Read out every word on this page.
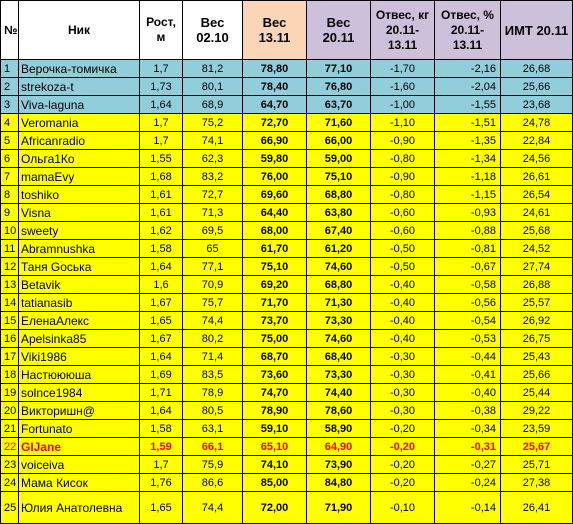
№	Ник	Рост, м	Вес 02.10	Вес 13.11	Вес 20.11	Отвес, кг 20.11-13.11	Отвес, % 20.11-13.11	ИМТ 20.11
1	Верочка-томичка	1,7	81,2	78,80	77,10	-1,70	-2,16	26,68
2	strekoza-t	1,73	80,1	78,40	76,80	-1,60	-2,04	25,66
3	Viva-laguna	1,64	68,9	64,70	63,70	-1,00	-1,55	23,68
4	Veromania	1,7	75,2	72,70	71,60	-1,10	-1,51	24,78
5	Africanradio	1,7	74,1	66,90	66,00	-0,90	-1,35	22,84
6	Ольга1Ко	1,55	62,3	59,80	59,00	-0,80	-1,34	24,56
7	mamaEvy	1,68	83,2	76,00	75,10	-0,90	-1,18	26,61
8	toshiko	1,61	72,7	69,60	68,80	-0,80	-1,15	26,54
9	Visna	1,61	71,3	64,40	63,80	-0,60	-0,93	24,61
10	sweety	1,62	69,5	68,00	67,40	-0,60	-0,88	25,68
11	Abramnushka	1,58	65	61,70	61,20	-0,50	-0,81	24,52
12	Таня Goська	1,64	77,1	75,10	74,60	-0,50	-0,67	27,74
13	Betavik	1,6	70,9	69,20	68,80	-0,40	-0,58	26,88
14	tatianasib	1,67	75,7	71,70	71,30	-0,40	-0,56	25,57
15	ЕленаАлекс	1,65	74,4	73,70	73,30	-0,40	-0,54	26,92
16	Apelsinka85	1,67	80,2	75,00	74,60	-0,40	-0,53	26,75
17	Viki1986	1,64	71,4	68,70	68,40	-0,30	-0,44	25,43
18	Настюююша	1,69	83,5	73,60	73,30	-0,30	-0,41	25,66
19	solnce1984	1,71	78,9	74,70	74,40	-0,30	-0,40	25,44
20	Викторишн@	1,64	80,5	78,90	78,60	-0,30	-0,38	29,22
21	Fortunato	1,58	63,1	59,10	58,90	-0,20	-0,34	23,59
22	GIJane	1,59	66,1	65,10	64,90	-0,20	-0,31	25,67
23	voiceiva	1,7	75,9	74,10	73,90	-0,20	-0,27	25,71
24	Мама Кисок	1,76	86,6	85,00	84,80	-0,20	-0,24	27,38
25	Юлия Анатолевна	1,65	74,4	72,00	71,90	-0,10	-0,14	26,41
